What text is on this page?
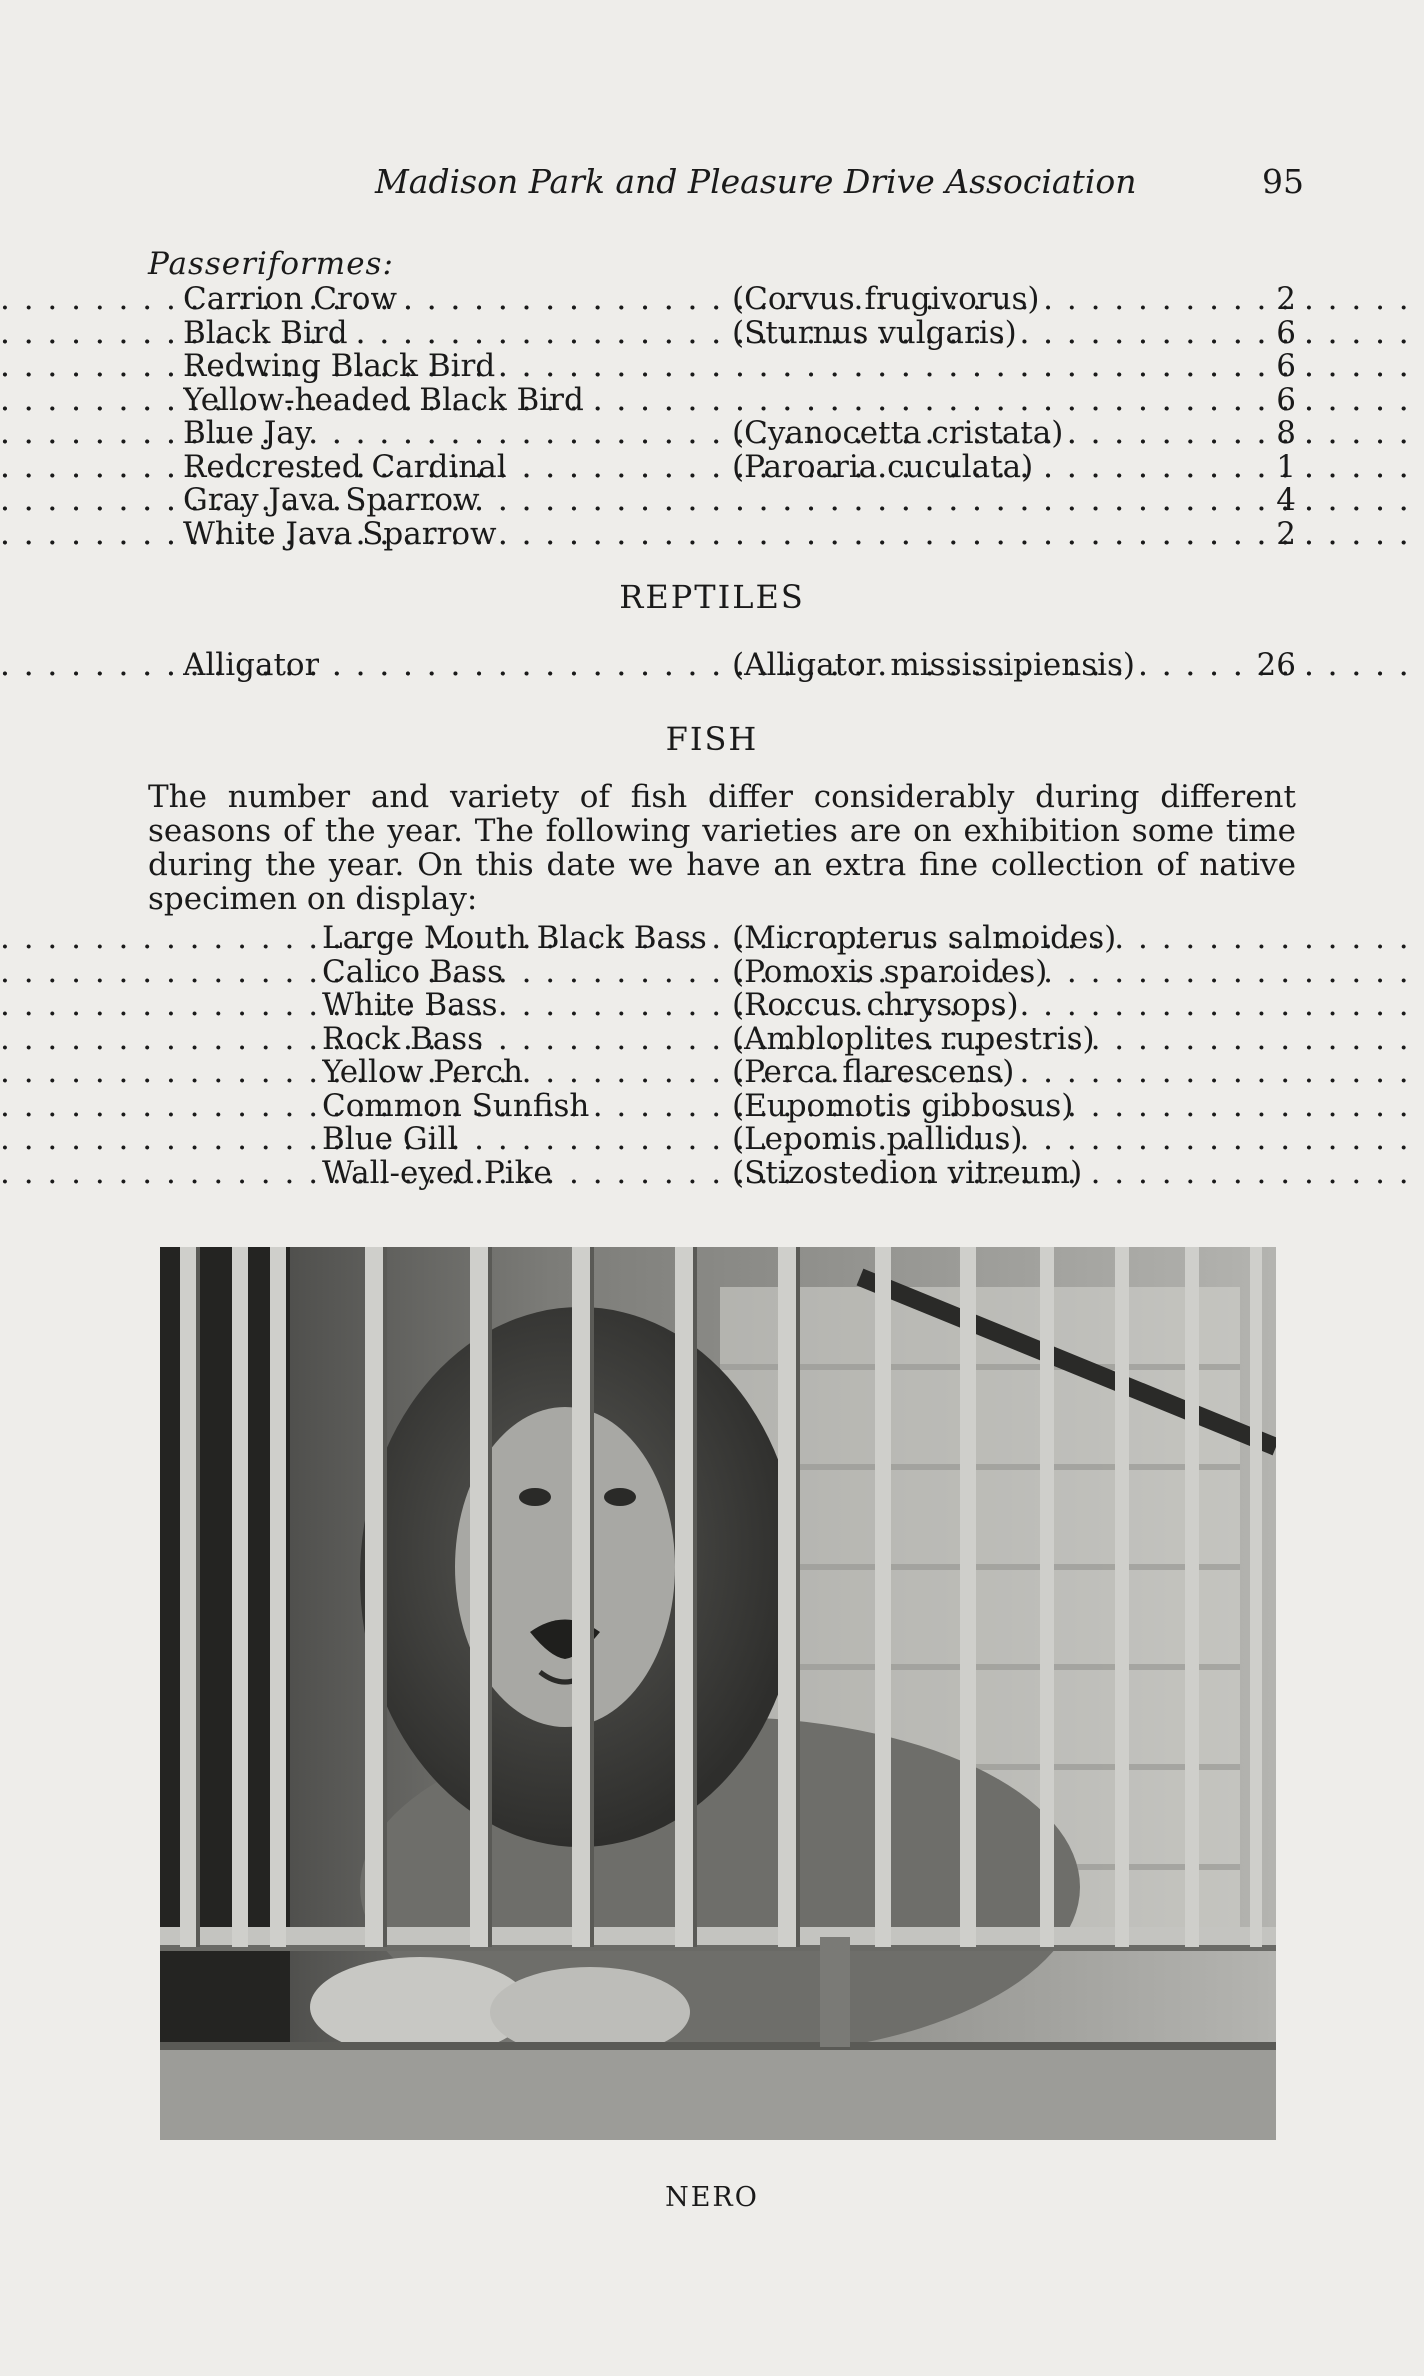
Madison Park and Pleasure Drive Association	95
Passeriformes:
Carrion Crow . . .	(Corvus frugivorus) . . .	2
Black Bird . . .	(Sturnus vulgaris) . . .	6
Redwing Black Bird . . . . . .	6
Yellow-headed Black Bird . . . . . .	6
Blue Jay . . .	(Cyanocetta cristata) . . .	8
Redcrested Cardinal . . .	(Paroaria cuculata) . . .	1
Gray Java Sparrow . . . . . .	4
White Java Sparrow . . . . . .	2
REPTILES
Alligator . . .	(Alligator mississipiensis) . . .	26
FISH
The number and variety of fish differ considerably during different seasons of the year. The following varieties are on exhibition some time during the year. On this date we have an extra fine collection of native specimen on display:
Large Mouth Black Bass . . . (Micropterus salmoides)
Calico Bass . . .	(Pomoxis sparoides)
White Bass . . .	(Roccus chrysops)
Rock Bass . . .	(Ambloplites rupestris)
Yellow Perch . . .	(Perca flarescens)
Common Sunfish . . .	(Eupomotis gibbosus)
Blue Gill . . .	(Lepomis pallidus)
Wall-eyed Pike . . .	(Stizostedion vitreum)
NERO
